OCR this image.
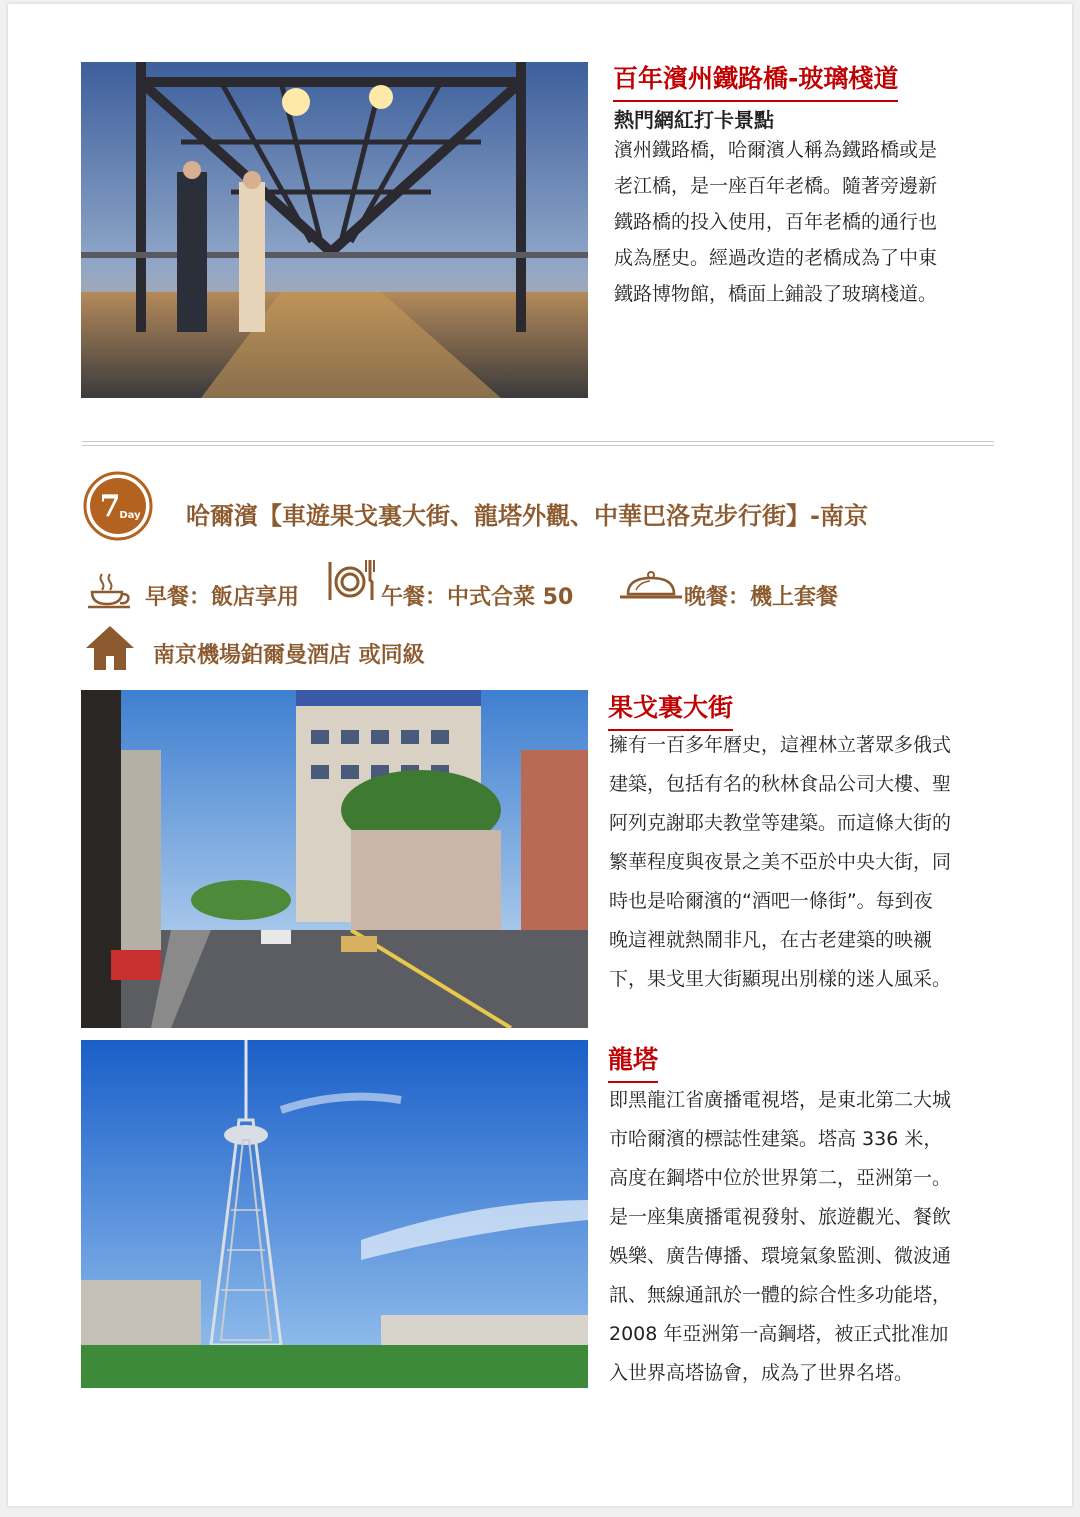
百年濱州鐵路橋-玻璃棧道
熱門網紅打卡景點
濱州鐵路橋，哈爾濱人稱為鐵路橋或是
老江橋，是一座百年老橋。隨著旁邊新
鐵路橋的投入使用，百年老橋的通行也
成為歷史。經過改造的老橋成為了中東
鐵路博物館，橋面上鋪設了玻璃棧道。
7
Day 哈爾濱【車遊果戈裏大街、龍塔外觀、中華巴洛克步行街】-南京
早餐：飯店享用	午餐：中式合菜 50	晚餐：機上套餐
南京機場鉑爾曼酒店 或同級
果戈裏大街
擁有一百多年曆史，這裡林立著眾多俄式
建築，包括有名的秋林食品公司大樓、聖
阿列克謝耶夫教堂等建築。而這條大街的
繁華程度與夜景之美不亞於中央大街，同
時也是哈爾濱的“酒吧一條街”。每到夜
晚這裡就熱鬧非凡，在古老建築的映襯
下，果戈里大街顯現出別樣的迷人風采。
龍塔
即黑龍江省廣播電視塔，是東北第二大城
市哈爾濱的標誌性建築。塔高 336 米，
高度在鋼塔中位於世界第二，亞洲第一。
是一座集廣播電視發射、旅遊觀光、餐飲
娛樂、廣告傳播、環境氣象監測、微波通
訊、無線通訊於一體的綜合性多功能塔，
2008 年亞洲第一高鋼塔，被正式批准加
入世界高塔協會，成為了世界名塔。
